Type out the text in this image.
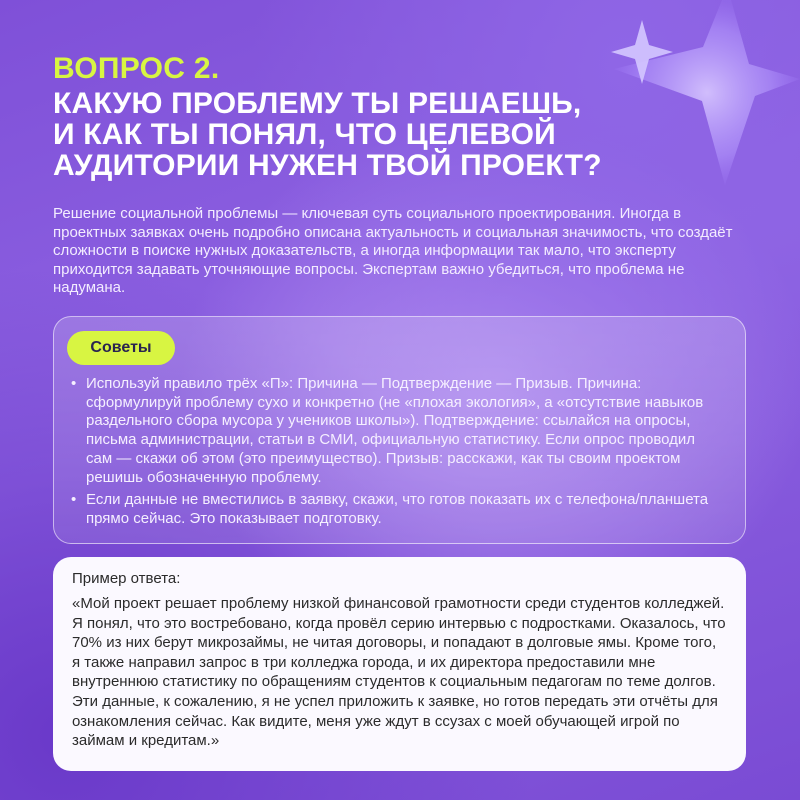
ВОПРОС 2.
КАКУЮ ПРОБЛЕМУ ТЫ РЕШАЕШЬ,
И КАК ТЫ ПОНЯЛ, ЧТО ЦЕЛЕВОЙ
АУДИТОРИИ НУЖЕН ТВОЙ ПРОЕКТ?

Решение социальной проблемы — ключевая суть социального проектирования. Иногда в проектных заявках очень подробно описана актуальность и социальная значимость, что создаёт сложности в поиске нужных доказательств, а иногда информации так мало, что эксперту приходится задавать уточняющие вопросы. Экспертам важно убедиться, что проблема не надумана.

Советы
• Используй правило трёх «П»: Причина — Подтверждение — Призыв. Причина: сформулируй проблему сухо и конкретно (не «плохая экология», а «отсутствие навыков раздельного сбора мусора у учеников школы»). Подтверждение: ссылайся на опросы, письма администрации, статьи в СМИ, официальную статистику. Если опрос проводил сам — скажи об этом (это преимущество). Призыв: расскажи, как ты своим проектом решишь обозначенную проблему.
• Если данные не вместились в заявку, скажи, что готов показать их с телефона/планшета прямо сейчас. Это показывает подготовку.

Пример ответа:

«Мой проект решает проблему низкой финансовой грамотности среди студентов колледжей. Я понял, что это востребовано, когда провёл серию интервью с подростками. Оказалось, что 70% из них берут микрозаймы, не читая договоры, и попадают в долговые ямы. Кроме того, я также направил запрос в три колледжа города, и их директора предоставили мне внутреннюю статистику по обращениям студентов к социальным педагогам по теме долгов. Эти данные, к сожалению, я не успел приложить к заявке, но готов передать эти отчёты для ознакомления сейчас. Как видите, меня уже ждут в ссузах с моей обучающей игрой по займам и кредитам.»
